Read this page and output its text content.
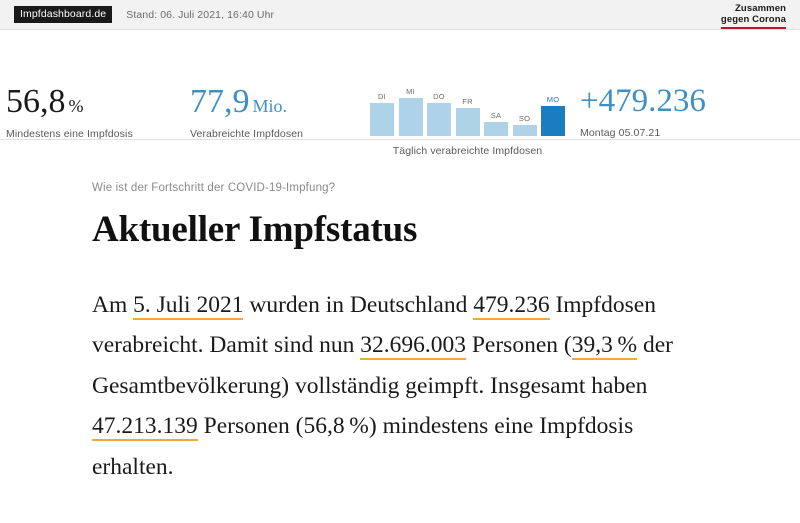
Impfdashboard.de	Stand: 06. Juli 2021, 16:40 Uhr	Zusammen
gegen Corona
56,8 %
Mindestens eine Impfdosis
77,9 Mio.
Verabreichte Impfdosen
DI
MI
DO
FR
SA SO
MO
Täglich verabreichte Impfdosen
+479.236
Montag 05.07.21
Wie ist der Fortschritt der COVID-19-Impfung?
Aktueller Impfstatus
Am 5. Juli 2021 wurden in Deutschland 479.236 Impfdosen verabreicht. Damit sind nun 32.696.003 Personen (39,3 % der Gesamtbevölkerung) vollständig geimpft. Insgesamt haben 47.213.139 Personen (56,8 %) mindestens eine Impfdosis erhalten.
